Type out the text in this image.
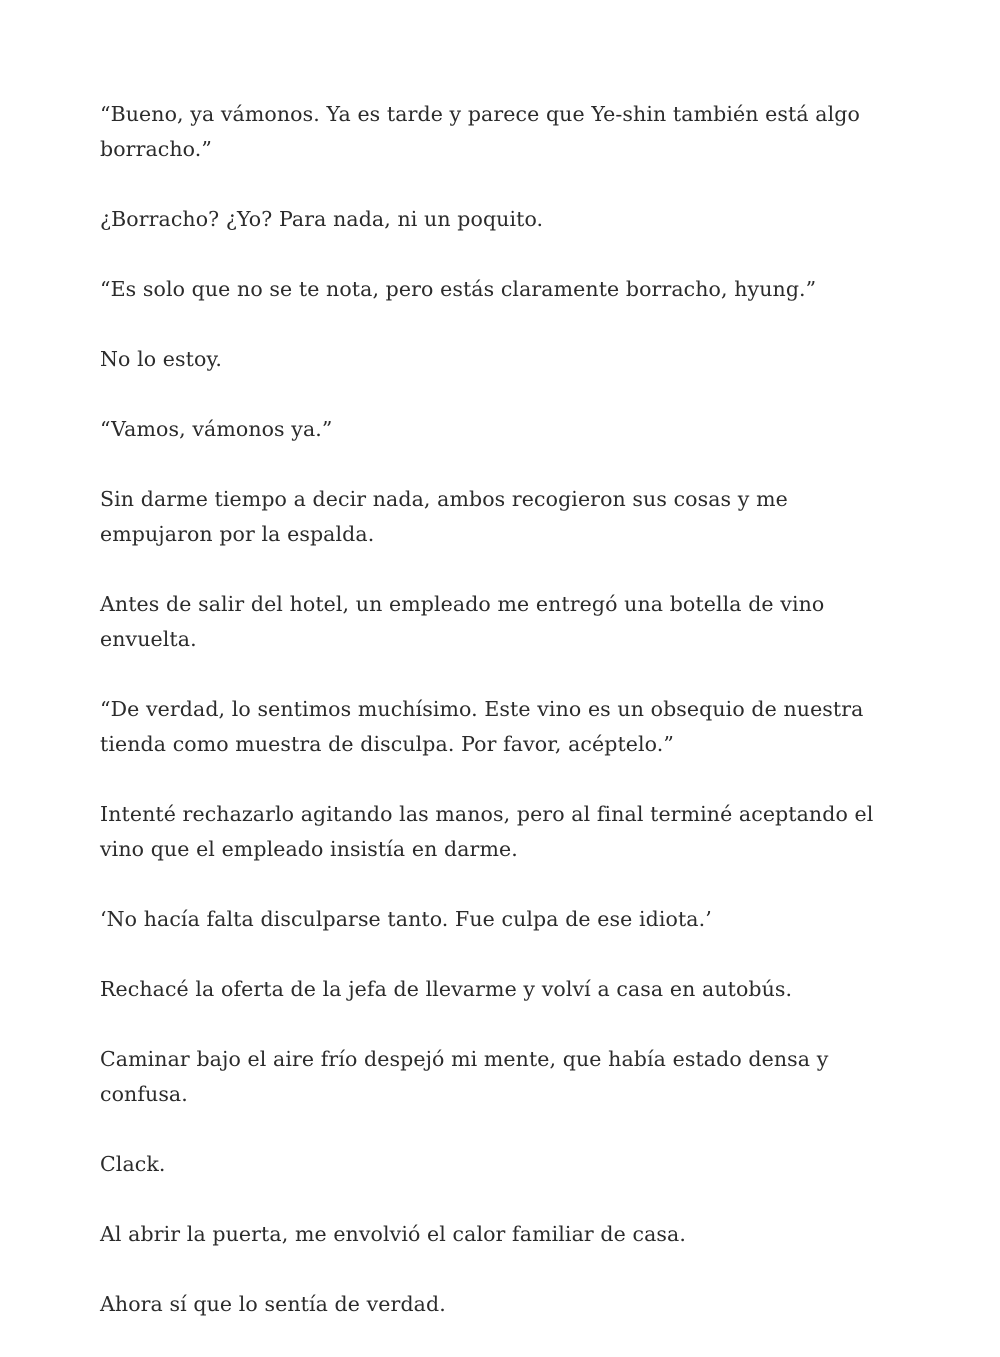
“Bueno, ya vámonos. Ya es tarde y parece que Ye-shin también está algo borracho.”

¿Borracho? ¿Yo? Para nada, ni un poquito.

“Es solo que no se te nota, pero estás claramente borracho, hyung.”

No lo estoy.

“Vamos, vámonos ya.”

Sin darme tiempo a decir nada, ambos recogieron sus cosas y me empujaron por la espalda.

Antes de salir del hotel, un empleado me entregó una botella de vino envuelta.

“De verdad, lo sentimos muchísimo. Este vino es un obsequio de nuestra tienda como muestra de disculpa. Por favor, acéptelo.”

Intenté rechazarlo agitando las manos, pero al final terminé aceptando el vino que el empleado insistía en darme.

‘No hacía falta disculparse tanto. Fue culpa de ese idiota.’

Rechacé la oferta de la jefa de llevarme y volví a casa en autobús.

Caminar bajo el aire frío despejó mi mente, que había estado densa y confusa.

Clack.

Al abrir la puerta, me envolvió el calor familiar de casa.

Ahora sí que lo sentía de verdad.
